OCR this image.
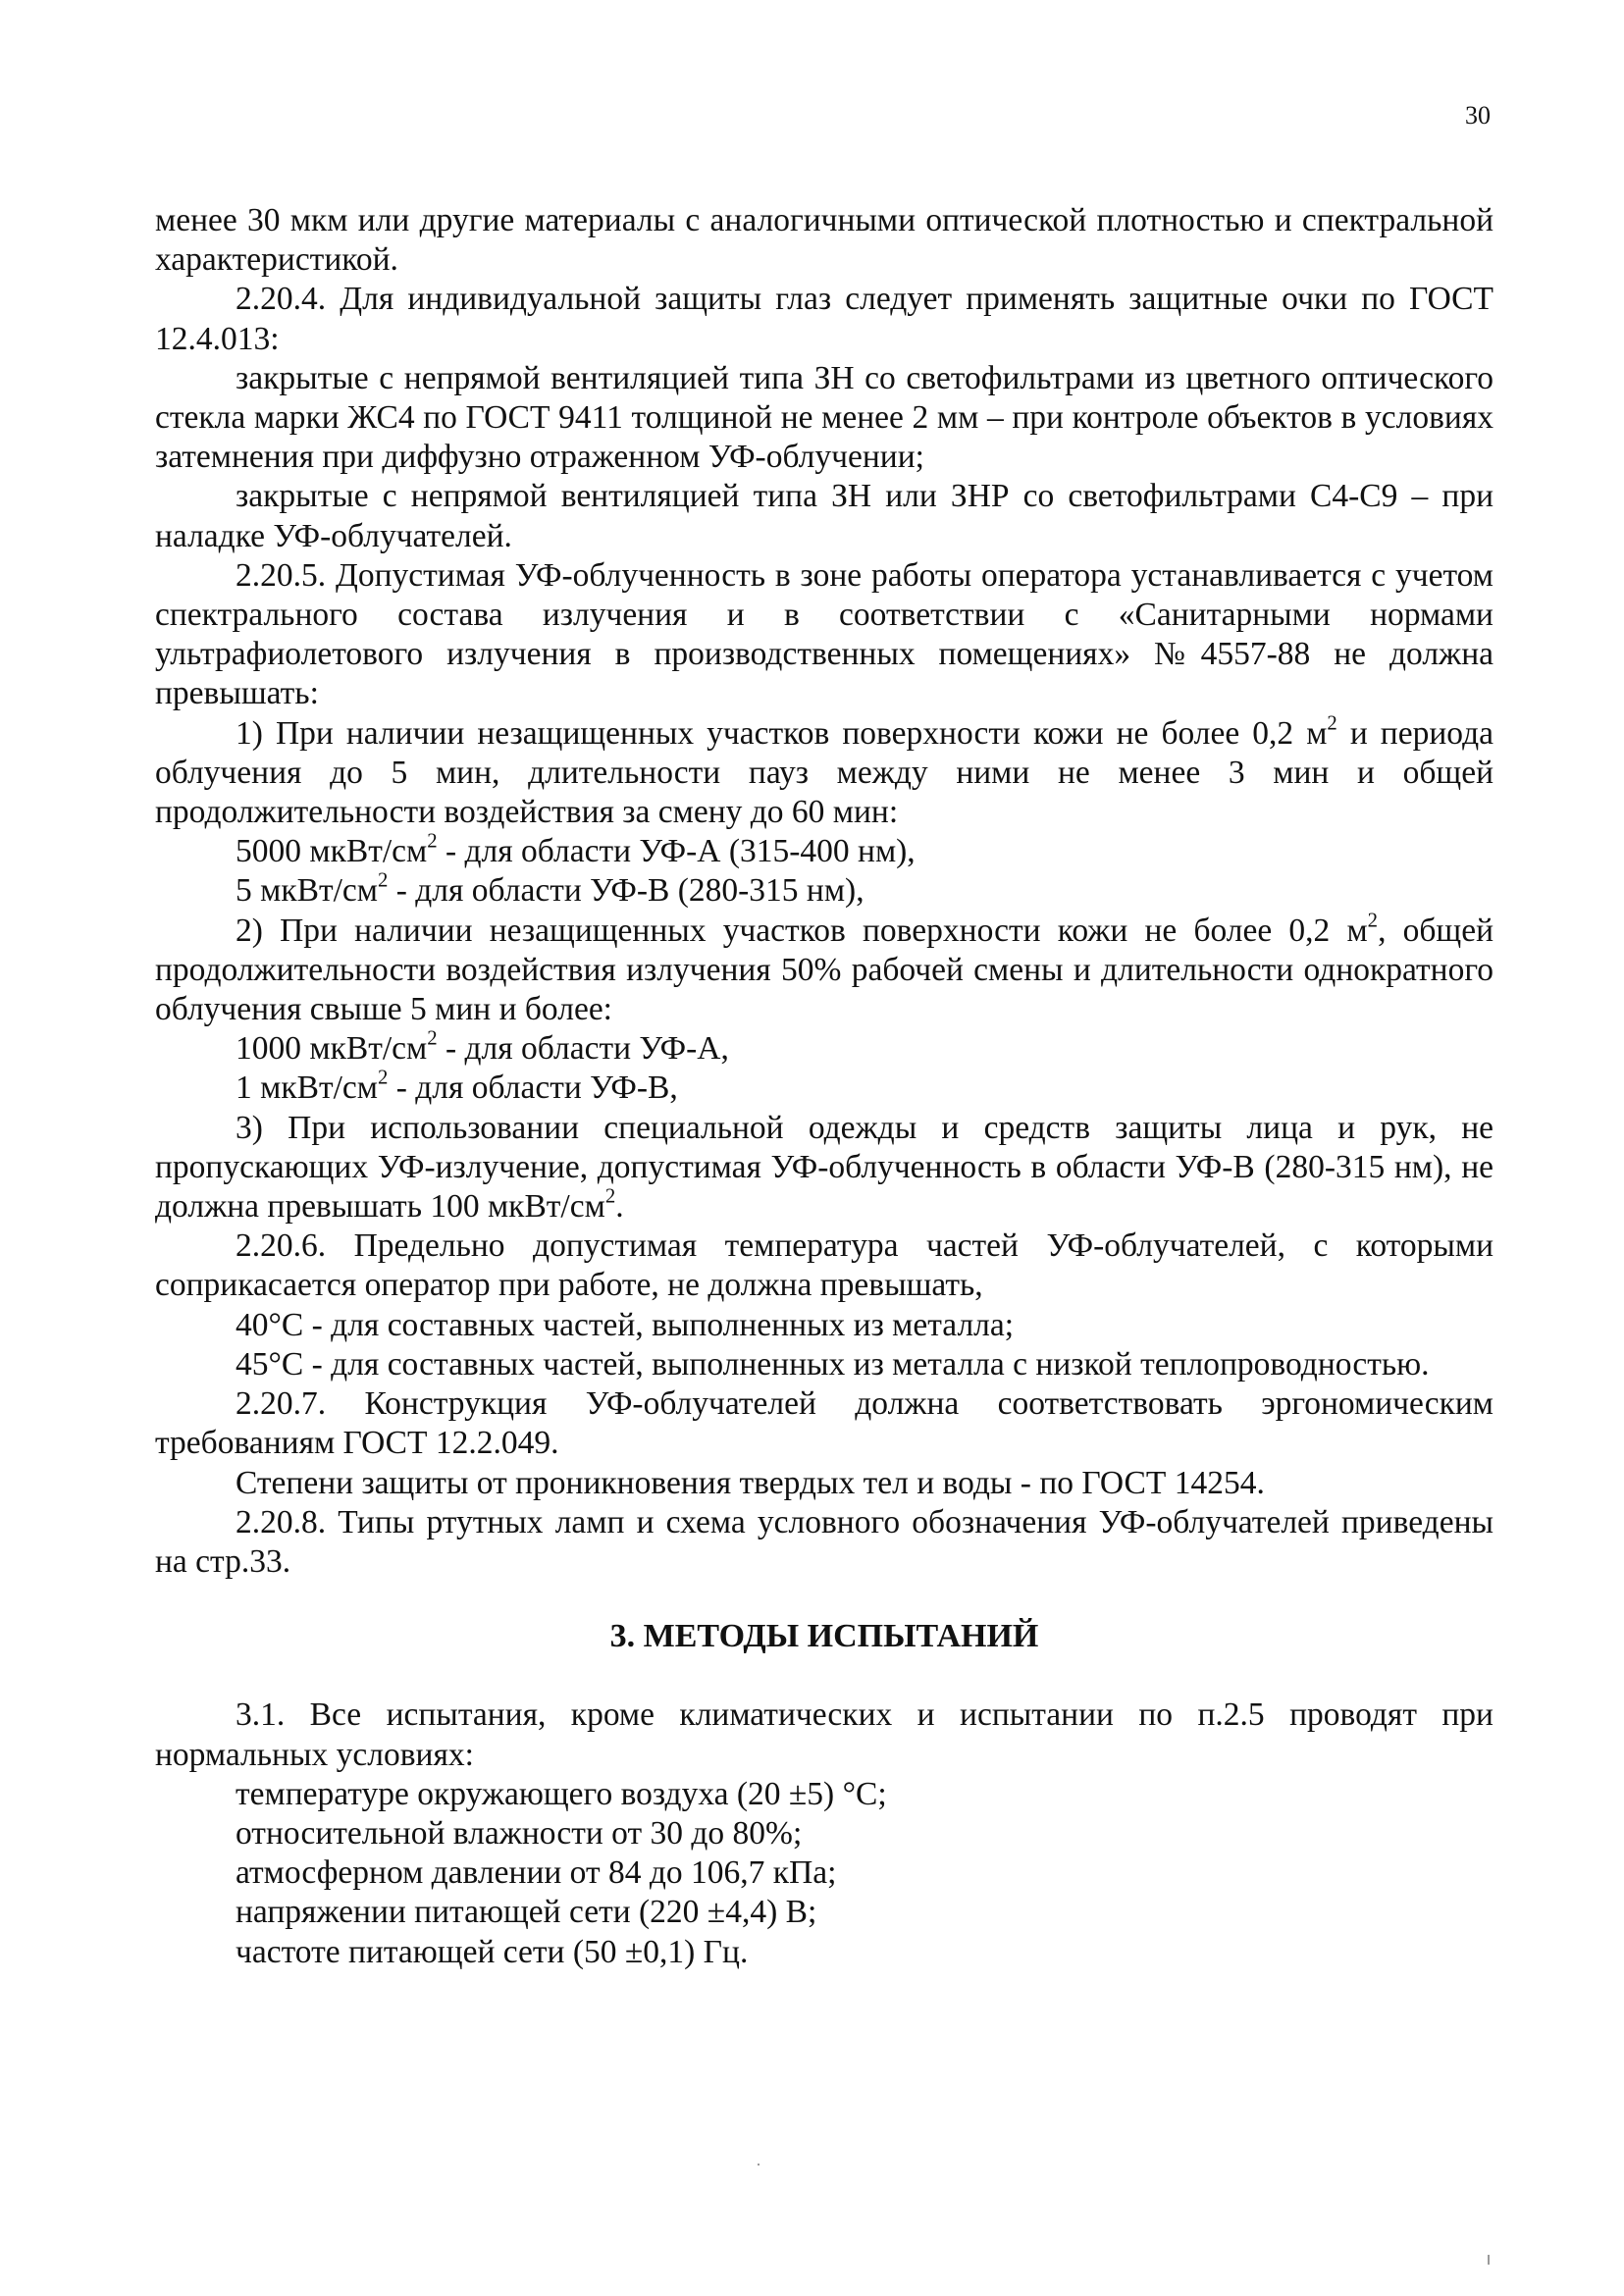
30

менее 30 мкм или другие материалы с аналогичными оптической плотностью и спектральной характеристикой.

2.20.4. Для индивидуальной защиты глаз следует применять защитные очки по ГОСТ 12.4.013:

закрытые с непрямой вентиляцией типа ЗН со светофильтрами из цветного оптического стекла марки ЖС4 по ГОСТ 9411 толщиной не менее 2 мм – при контроле объектов в условиях затемнения при диффузно отраженном УФ-облучении;

закрытые с непрямой вентиляцией типа ЗН или ЗНР со светофильтрами С4-С9 – при наладке УФ-облучателей.

2.20.5. Допустимая УФ-облученность в зоне работы оператора устанавливается с учетом спектрального состава излучения и в соответствии с «Санитарными нормами ультрафиолетового излучения в производственных помещениях» №4557-88 не должна превышать:

1) При наличии незащищенных участков поверхности кожи не более 0,2 $м^2$ и периода облучения до 5 мин, длительности пауз между ними не менее 3 мин и общей продолжительности воздействия за смену до 60 мин:

5000 мкВт/$см^2$ - для области УФ-А (315-400 нм),

5 мкВт/$см^2$ - для области УФ-В (280-315 нм),

2) При наличии незащищенных участков поверхности кожи не более 0,2 $м^2$, общей продолжительности воздействия излучения 50% рабочей смены и длительности однократного облучения свыше 5 мин и более:

1000 мкВт/$см^2$ - для области УФ-А,

1 мкВт/$см^2$ - для области УФ-В,

3) При использовании специальной одежды и средств защиты лица и рук, не пропускающих УФ-излучение, допустимая УФ-облученность в области УФ-В (280-315 нм), не должна превышать 100 мкВт/$см^2$.

2.20.6. Предельно допустимая температура частей УФ-облучателей, с которыми соприкасается оператор при работе, не должна превышать,

40°С - для составных частей, выполненных из металла;

45°С - для составных частей, выполненных из металла с низкой теплопроводностью.

2.20.7. Конструкция УФ-облучателей должна соответствовать эргономическим требованиям ГОСТ 12.2.049.

Степени защиты от проникновения твердых тел и воды - по ГОСТ 14254.

2.20.8. Типы ртутных ламп и схема условного обозначения УФ-облучателей приведены на стр.33.

3. МЕТОДЫ ИСПЫТАНИЙ

3.1. Все испытания, кроме климатических и испытании по п.2.5 проводят при нормальных условиях:

температуре окружающего воздуха (20 ±5) °С;

относительной влажности от 30 до 80%;

атмосферном давлении от 84 до 106,7 кПа;

напряжении питающей сети (220 ±4,4) В;

частоте питающей сети (50 ±0,1) Гц.
